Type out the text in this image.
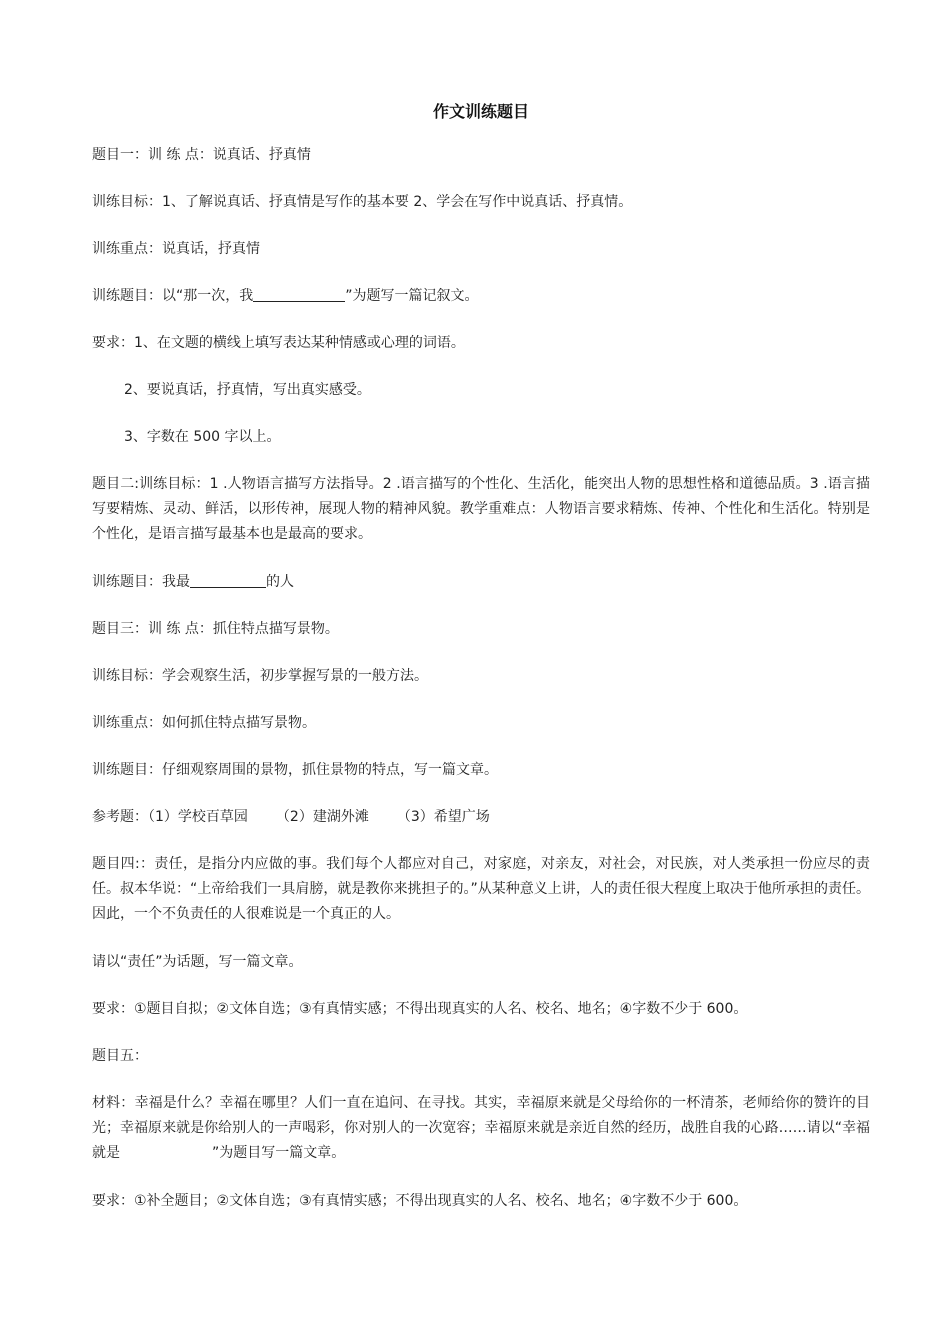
作文训练题目
题目一：训 练 点：说真话、抒真情
训练目标：1、了解说真话、抒真情是写作的基本要 2、学会在写作中说真话、抒真情。
训练重点：说真话，抒真情
训练题目：以“那一次，我	”为题写一篇记叙文。
要求：1、在文题的横线上填写表达某种情感或心理的词语。
2、要说真话，抒真情，写出真实感受。
3、字数在 500 字以上。
题目二:训练目标：1 .人物语言描写方法指导。2 .语言描写的个性化、生活化，能突出人物的思想性格和道德品质。3 .语言描写要精炼、灵动、鲜活，以形传神，展现人物的精神风貌。教学重难点：人物语言要求精炼、传神、个性化和生活化。特别是个性化，是语言描写最基本也是最高的要求。
训练题目：我最	的人
题目三：训 练 点：抓住特点描写景物。
训练目标：学会观察生活，初步掌握写景的一般方法。
训练重点：如何抓住特点描写景物。
训练题目：仔细观察周围的景物，抓住景物的特点，写一篇文章。
参考题：（1）学校百草园 （2）建湖外滩 （3）希望广场
题目四:：责任，是指分内应做的事。我们每个人都应对自己，对家庭，对亲友，对社会，对民族，对人类承担一份应尽的责任。叔本华说：“上帝给我们一具肩膀，就是教你来挑担子的。”从某种意义上讲，人的责任很大程度上取决于他所承担的责任。因此，一个不负责任的人很难说是一个真正的人。
请以“责任”为话题，写一篇文章。
要求：①题目自拟；②文体自选；③有真情实感；不得出现真实的人名、校名、地名；④字数不少于 600。
题目五：
材料：幸福是什么？幸福在哪里？人们一直在追问、在寻找。其实，幸福原来就是父母给你的一杯清茶，老师给你的赞许的目光；幸福原来就是你给别人的一声喝彩，你对别人的一次宽容；幸福原来就是亲近自然的经历，战胜自我的心路……请以“幸福就是	”为题目写一篇文章。
要求：①补全题目；②文体自选；③有真情实感；不得出现真实的人名、校名、地名；④字数不少于 600。
